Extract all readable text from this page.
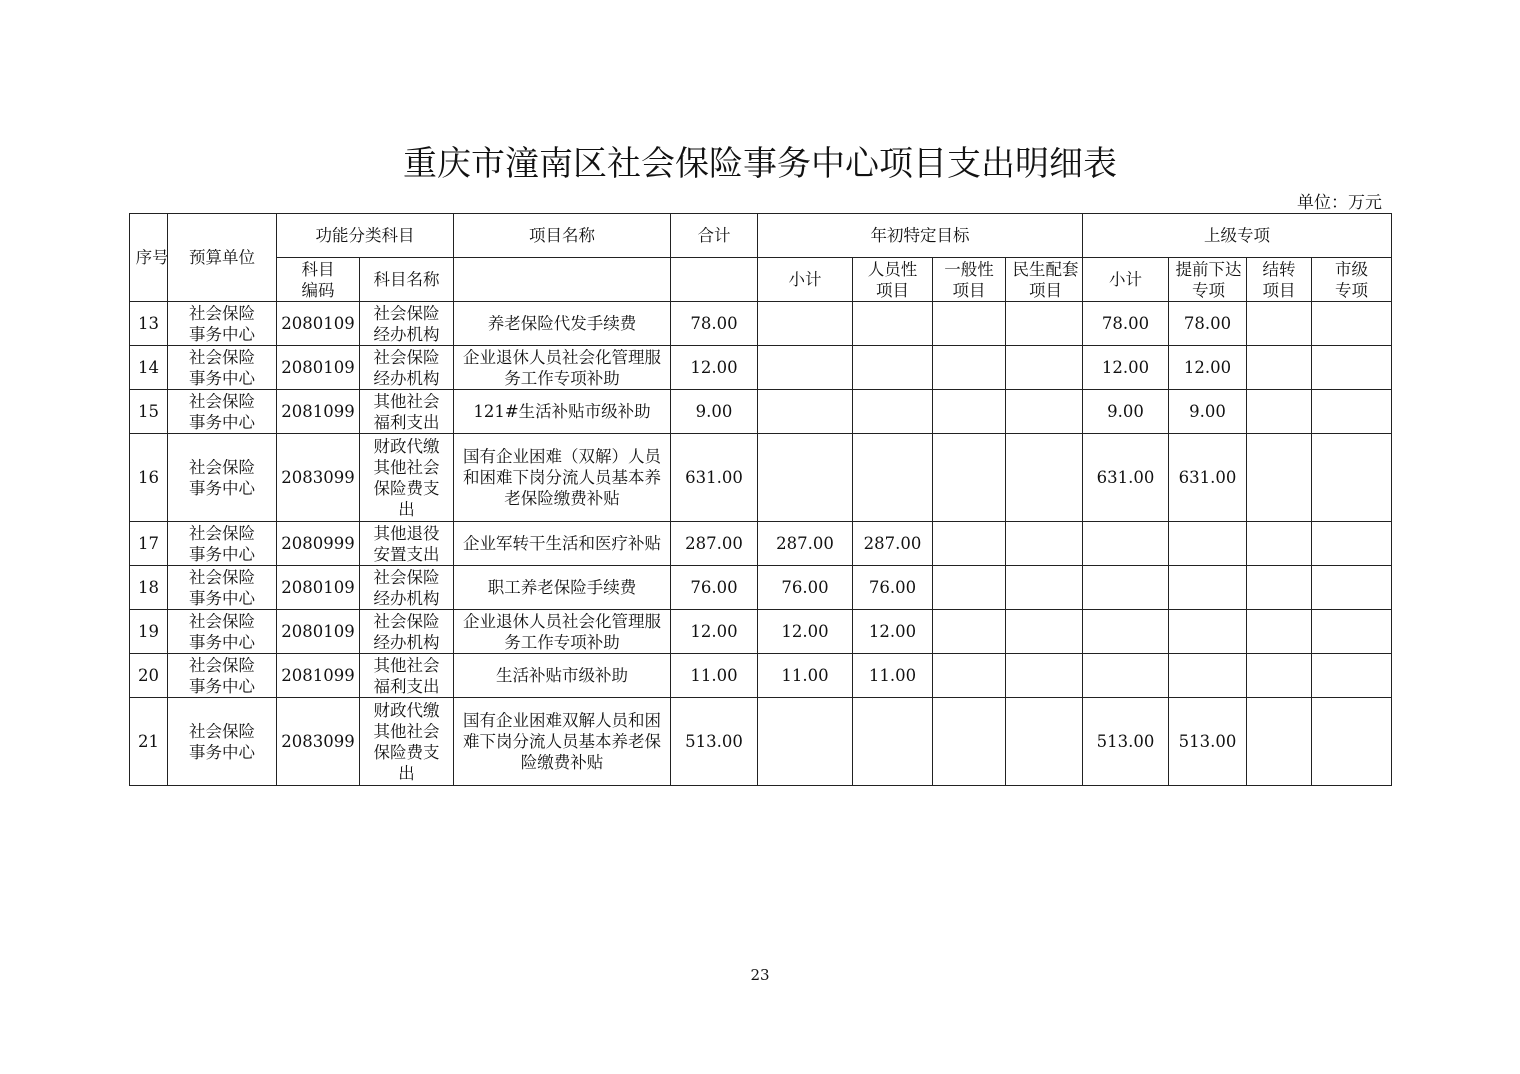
重庆市潼南区社会保险事务中心项目支出明细表
单位：万元
序号	预算单位	功能分类科目		项目名称	合计	年初特定目标				上级专项			
		科目编码	科目名称			小计	人员性项目	一般性项目	民生配套项目	小计	提前下达专项	结转项目	市级专项
13	社会保险事务中心	2080109	社会保险经办机构	养老保险代发手续费	78.00					78.00	78.00		
14	社会保险事务中心	2080109	社会保险经办机构	企业退休人员社会化管理服务工作专项补助	12.00					12.00	12.00		
15	社会保险事务中心	2081099	其他社会福利支出	121#生活补贴市级补助	9.00					9.00	9.00		
16	社会保险事务中心	2083099	财政代缴其他社会保险费支出	国有企业困难（双解）人员和困难下岗分流人员基本养老保险缴费补贴	631.00					631.00	631.00		
17	社会保险事务中心	2080999	其他退役安置支出	企业军转干生活和医疗补贴	287.00	287.00	287.00						
18	社会保险事务中心	2080109	社会保险经办机构	职工养老保险手续费	76.00	76.00	76.00						
19	社会保险事务中心	2080109	社会保险经办机构	企业退休人员社会化管理服务工作专项补助	12.00	12.00	12.00						
20	社会保险事务中心	2081099	其他社会福利支出	生活补贴市级补助	11.00	11.00	11.00						
21	社会保险事务中心	2083099	财政代缴其他社会保险费支出	国有企业困难双解人员和困难下岗分流人员基本养老保险缴费补贴	513.00					513.00	513.00		
23
